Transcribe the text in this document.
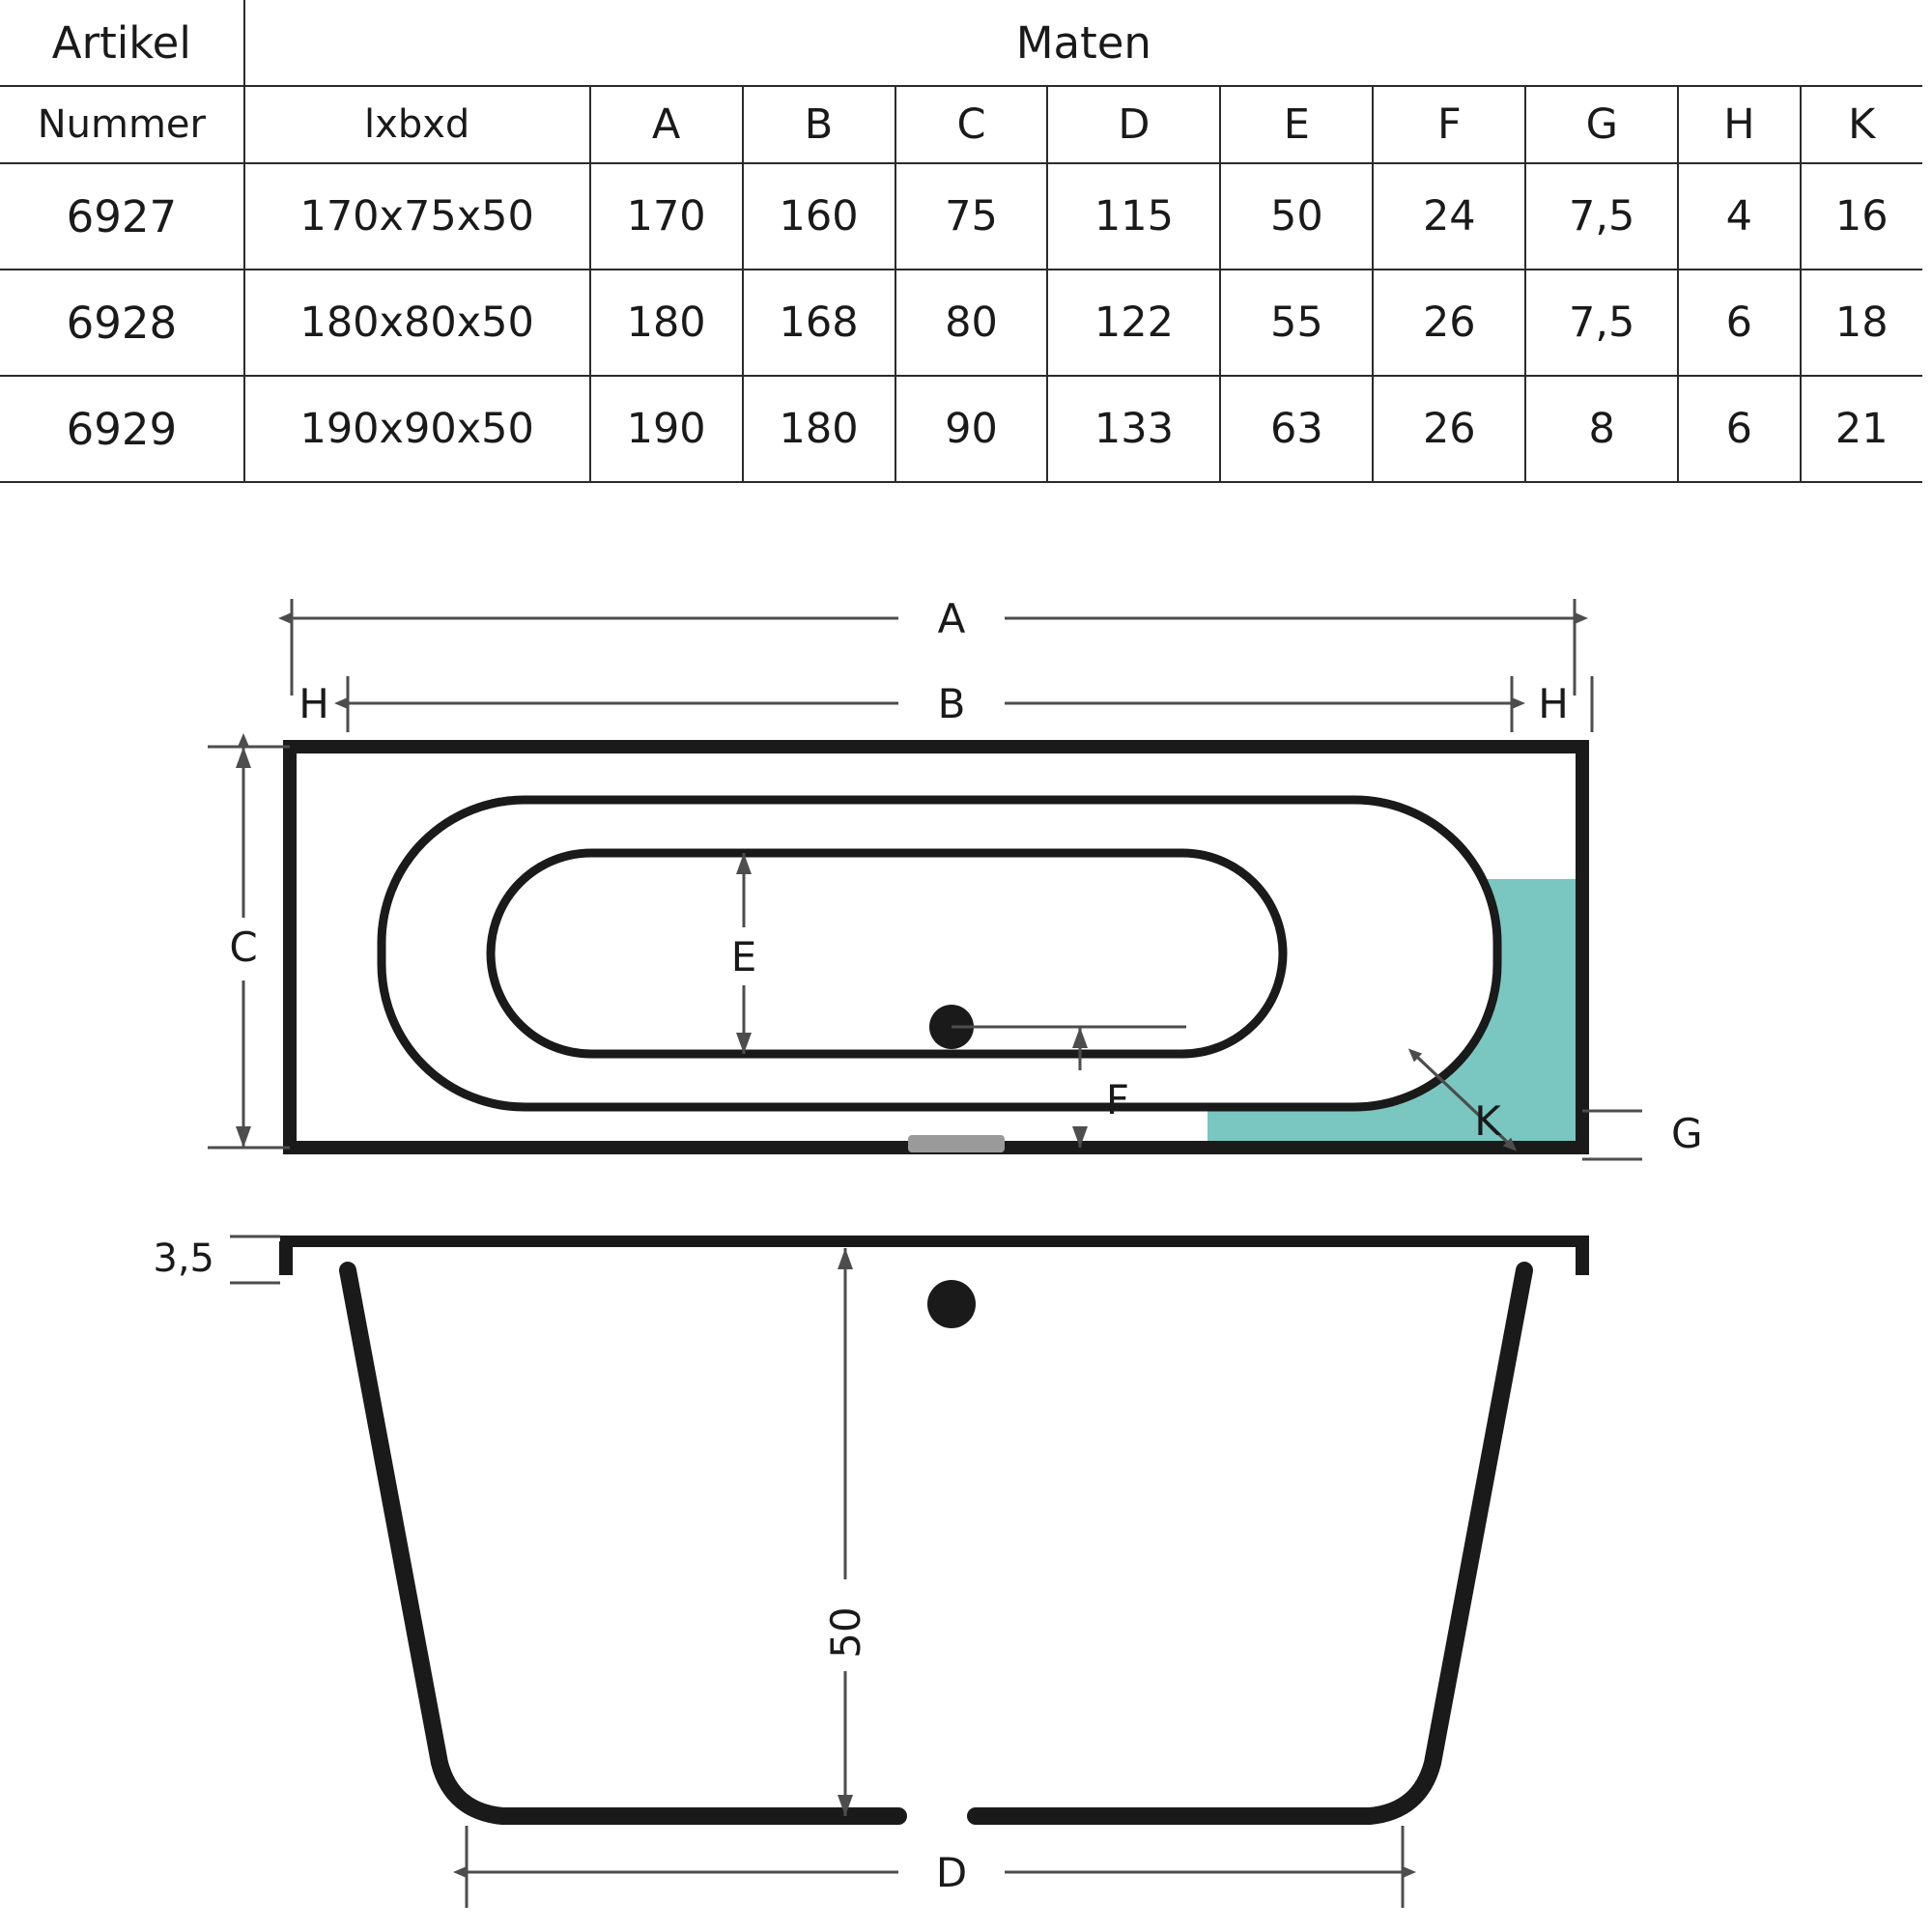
Artikel	Maten									
Nummer	lxbxd	A	B	C	D	E	F	G	H	K
6927	170x75x50	170	160	75	115	50	24	7,5	4	16
6928	180x80x50	180	168	80	122	55	26	7,5	6	18
6929	190x90x50	190	180	90	133	63	26	8	6	21
A
B
H	H
C	E
F	K	G
3,5
50
D
